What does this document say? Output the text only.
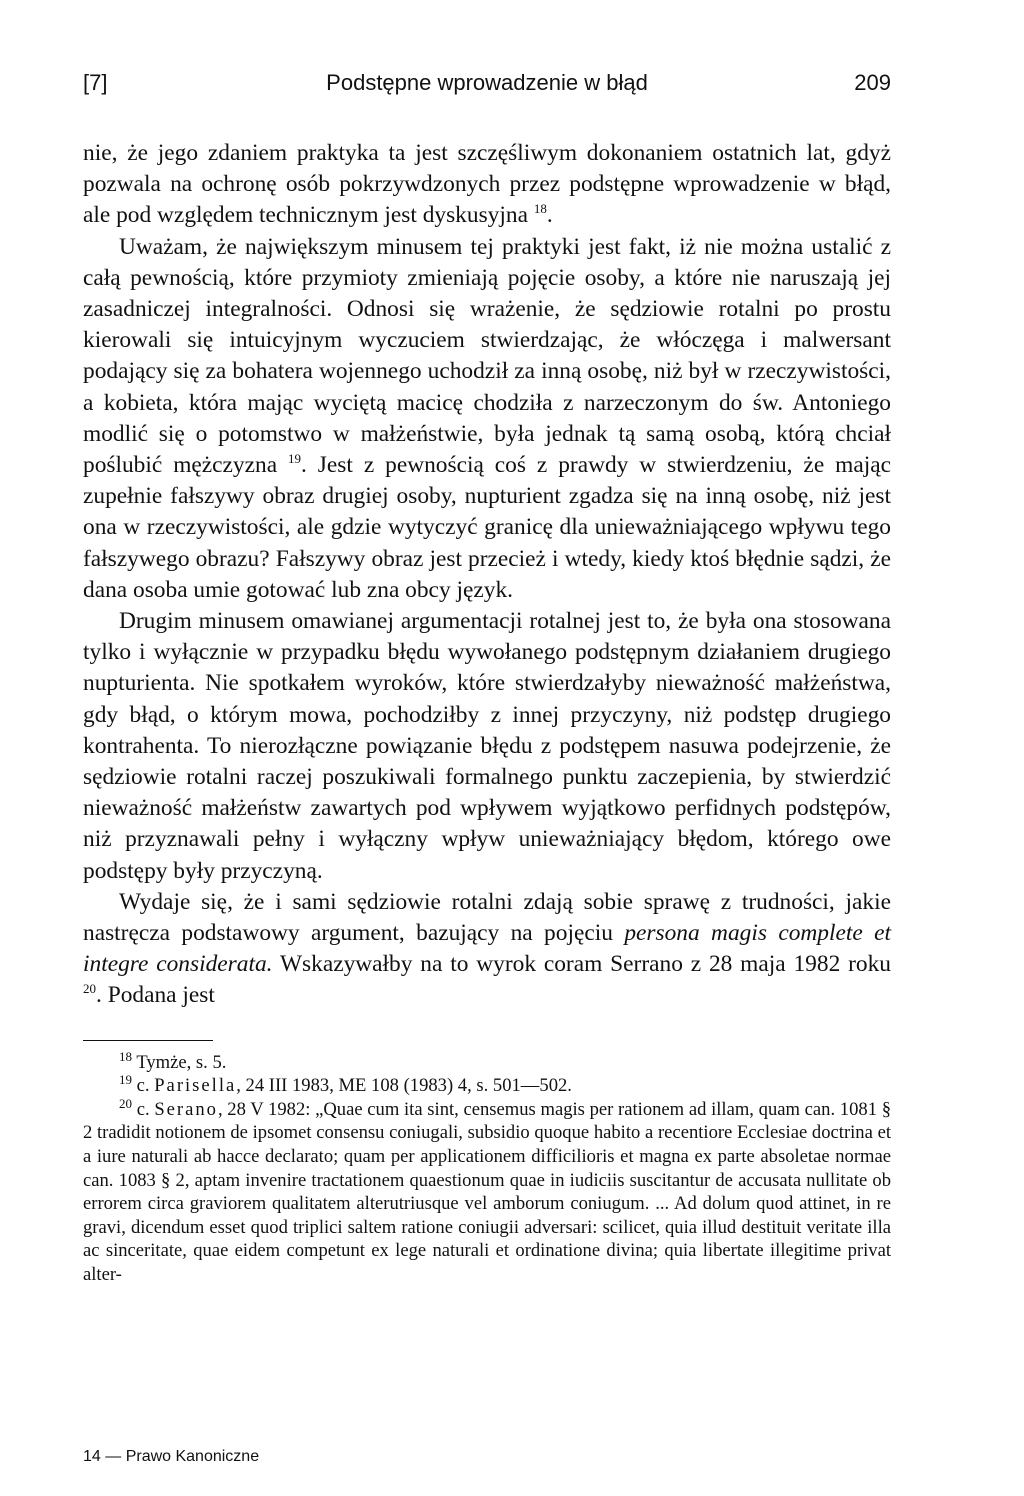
[7]	Podstępne wprowadzenie w błąd	209

nie, że jego zdaniem praktyka ta jest szczęśliwym dokonaniem ostatnich lat, gdyż pozwala na ochronę osób pokrzywdzonych przez podstępne wprowadzenie w błąd, ale pod względem technicznym jest dyskusyjna $^{18}$.

Uważam, że największym minusem tej praktyki jest fakt, iż nie można ustalić z całą pewnością, które przymioty zmieniają pojęcie osoby, a które nie naruszają jej zasadniczej integralności. Odnosi się wrażenie, że sędziowie rotalni po prostu kierowali się intuicyjnym wyczuciem stwierdzając, że włóczęga i malwersant podający się za bohatera wojennego uchodził za inną osobę, niż był w rzeczywistości, a kobieta, która mając wyciętą macicę chodziła z narzeczonym do św. Antoniego modlić się o potomstwo w małżeństwie, była jednak tą samą osobą, którą chciał poślubić mężczyzna $^{19}$. Jest z pewnością coś z prawdy w stwierdzeniu, że mając zupełnie fałszywy obraz drugiej osoby, nupturient zgadza się na inną osobę, niż jest ona w rzeczywistości, ale gdzie wytyczyć granicę dla unieważniającego wpływu tego fałszywego obrazu? Fałszywy obraz jest przecież i wtedy, kiedy ktoś błędnie sądzi, że dana osoba umie gotować lub zna obcy język.

Drugim minusem omawianej argumentacji rotalnej jest to, że była ona stosowana tylko i wyłącznie w przypadku błędu wywołanego podstępnym działaniem drugiego nupturienta. Nie spotkałem wyroków, które stwierdzałyby nieważność małżeństwa, gdy błąd, o którym mowa, pochodziłby z innej przyczyny, niż podstęp drugiego kontrahenta. To nierozłączne powiązanie błędu z podstępem nasuwa podejrzenie, że sędziowie rotalni raczej poszukiwali formalnego punktu zaczepienia, by stwierdzić nieważność małżeństw zawartych pod wpływem wyjątkowo perfidnych podstępów, niż przyznawali pełny i wyłączny wpływ unieważniający błędom, którego owe podstępy były przyczyną.

Wydaje się, że i sami sędziowie rotalni zdają sobie sprawę z trudności, jakie nastręcza podstawowy argument, bazujący na pojęciu persona magis complete et integre considerata. Wskazywałby na to wyrok coram Serrano z 28 maja 1982 roku $^{20}$. Podana jest

$^{18}$ Tymże, s. 5.

$^{19}$ c. Parisella, 24 III 1983, ME 108 (1983) 4, s. 501—502.

$^{20}$ c. Serano, 28 V 1982: „Quae cum ita sint, censemus magis per rationem ad illam, quam can. 1081 § 2 tradidit notionem de ipsomet consensu coniugali, subsidio quoque habito a recentiore Ecclesiae doctrina et a iure naturali ab hacce declarato; quam per applicationem difficilioris et magna ex parte absoletae normae can. 1083 § 2, aptam invenire tractationem quaestionum quae in iudiciis suscitantur de accusata nullitate ob errorem circa graviorem qualitatem alterutriusque vel amborum coniugum. ... Ad dolum quod attinet, in re gravi, dicendum esset quod triplici saltem ratione coniugii adversari: scilicet, quia illud destituit veritate illa ac sinceritate, quae eidem competunt ex lege naturali et ordinatione divina; quia libertate illegitime privat alter-

14 — Prawo Kanoniczne
